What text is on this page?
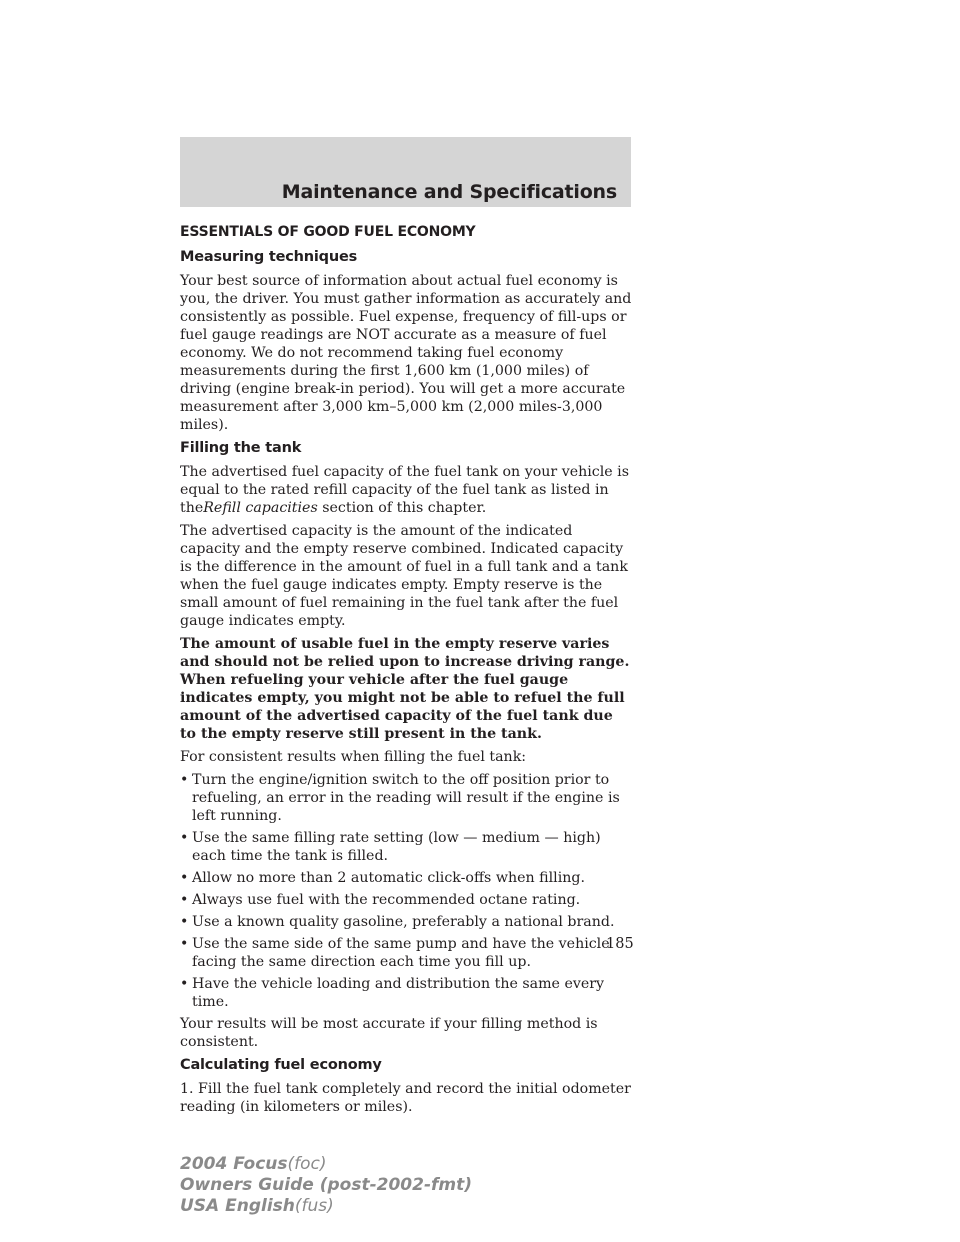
Maintenance and Specifications
ESSENTIALS OF GOOD FUEL ECONOMY
Measuring techniques

Your best source of information about actual fuel economy is you, the driver. You must gather information as accurately and consistently as possible. Fuel expense, frequency of fill-ups or fuel gauge readings are NOT accurate as a measure of fuel economy. We do not recommend taking fuel economy measurements during the first 1,600 km (1,000 miles) of driving (engine break-in period). You will get a more accurate measurement after 3,000 km–5,000 km (2,000 miles-3,000 miles).

Filling the tank

The advertised fuel capacity of the fuel tank on your vehicle is equal to the rated refill capacity of the fuel tank as listed in theRefill capacities section of this chapter.

The advertised capacity is the amount of the indicated capacity and the empty reserve combined. Indicated capacity is the difference in the amount of fuel in a full tank and a tank when the fuel gauge indicates empty. Empty reserve is the small amount of fuel remaining in the fuel tank after the fuel gauge indicates empty.

The amount of usable fuel in the empty reserve varies and should not be relied upon to increase driving range. When refueling your vehicle after the fuel gauge indicates empty, you might not be able to refuel the full amount of the advertised capacity of the fuel tank due to the empty reserve still present in the tank.

For consistent results when filling the fuel tank:

• Turn the engine/ignition switch to the off position prior to refueling, an error in the reading will result if the engine is left running.
• Use the same filling rate setting (low — medium — high) each time the tank is filled.
• Allow no more than 2 automatic click-offs when filling.
• Always use fuel with the recommended octane rating.
• Use a known quality gasoline, preferably a national brand.
• Use the same side of the same pump and have the vehicle facing the same direction each time you fill up.
• Have the vehicle loading and distribution the same every time.

Your results will be most accurate if your filling method is consistent.

Calculating fuel economy

1. Fill the fuel tank completely and record the initial odometer reading (in kilometers or miles).

185
2004 Focus(foc)
Owners Guide (post-2002-fmt)
USA English(fus)
